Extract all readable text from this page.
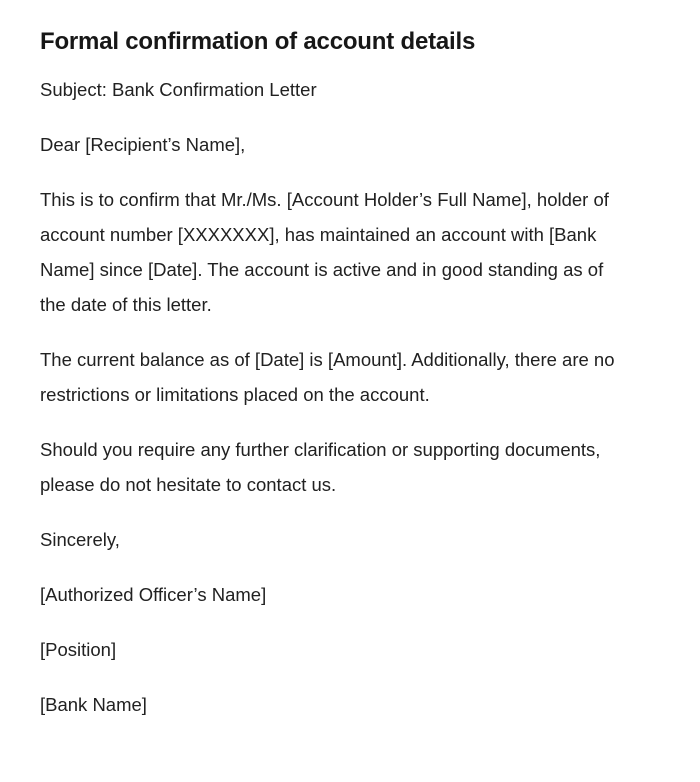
Formal confirmation of account details

Subject: Bank Confirmation Letter

Dear [Recipient’s Name],

This is to confirm that Mr./Ms. [Account Holder’s Full Name], holder of account number [XXXXXXX], has maintained an account with [Bank Name] since [Date]. The account is active and in good standing as of the date of this letter.

The current balance as of [Date] is [Amount]. Additionally, there are no restrictions or limitations placed on the account.

Should you require any further clarification or supporting documents, please do not hesitate to contact us.

Sincerely,

[Authorized Officer’s Name]

[Position]

[Bank Name]
